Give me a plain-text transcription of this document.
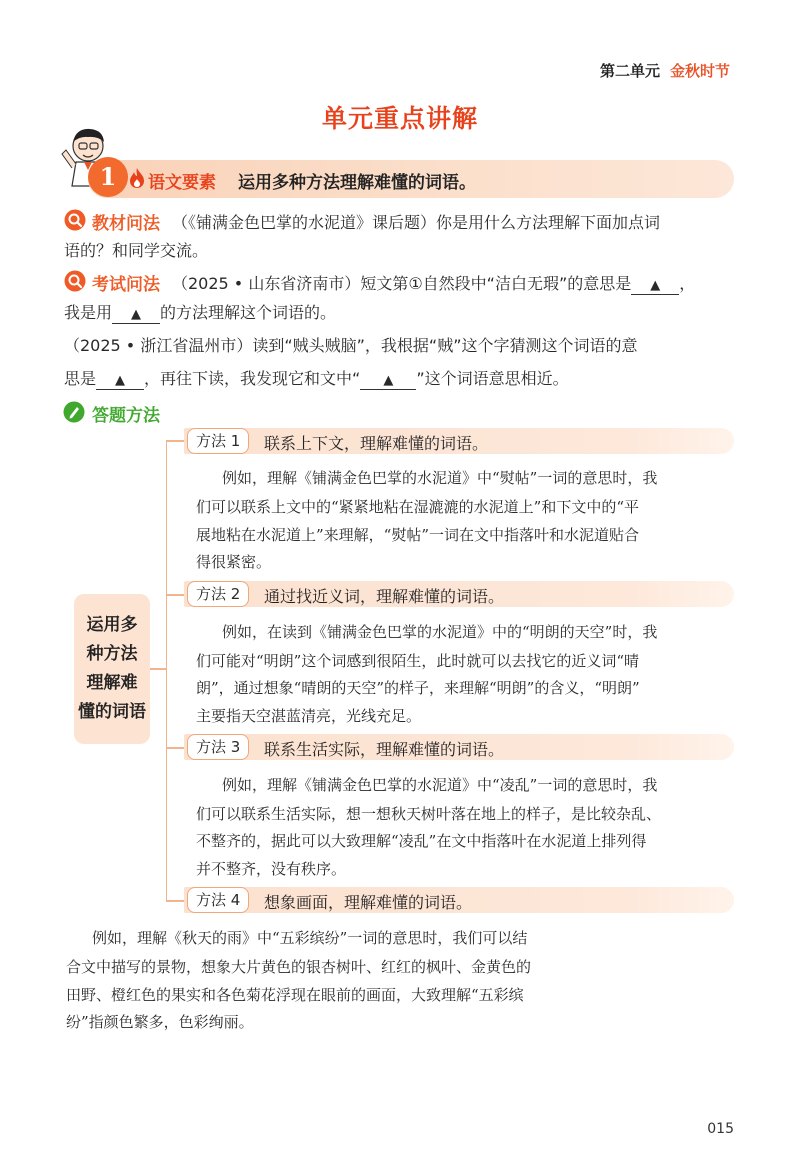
第二单元 金秋时节
单元重点讲解
1	语文要素 运用多种方法理解难懂的词语。
教材问法 （《铺满金色巴掌的水泥道》课后题）你是用什么方法理解下面加点词
语的？和同学交流。
考试问法 （2025 • 山东省济南市）短文第①自然段中“洁白无瑕”的意思是 ▲ ，
我是用 ▲ 的方法理解这个词语的。
（2025 • 浙江省温州市）读到“贼头贼脑”，我根据“贼”这个字猜测这个词语的意
思是 ▲ ，再往下读，我发现它和文中“ ▲ ”这个词语意思相近。
答题方法
运用多
种方法
理解难
懂的词语
方法 1	联系上下文，理解难懂的词语。
例如，理解《铺满金色巴掌的水泥道》中“熨帖”一词的意思时，我
们可以联系上文中的“紧紧地粘在湿漉漉的水泥道上”和下文中的“平
展地粘在水泥道上”来理解，“熨帖”一词在文中指落叶和水泥道贴合
得很紧密。
方法 2	通过找近义词，理解难懂的词语。
例如，在读到《铺满金色巴掌的水泥道》中的“明朗的天空”时，我
们可能对“明朗”这个词感到很陌生，此时就可以去找它的近义词“晴
朗”，通过想象“晴朗的天空”的样子，来理解“明朗”的含义，“明朗”
主要指天空湛蓝清亮，光线充足。
方法 3	联系生活实际，理解难懂的词语。
例如，理解《铺满金色巴掌的水泥道》中“凌乱”一词的意思时，我
们可以联系生活实际，想一想秋天树叶落在地上的样子，是比较杂乱、
不整齐的，据此可以大致理解“凌乱”在文中指落叶在水泥道上排列得
并不整齐，没有秩序。
方法 4	想象画面，理解难懂的词语。
例如，理解《秋天的雨》中“五彩缤纷”一词的意思时，我们可以结
合文中描写的景物，想象大片黄色的银杏树叶、红红的枫叶、金黄色的
田野、橙红色的果实和各色菊花浮现在眼前的画面，大致理解“五彩缤
纷”指颜色繁多，色彩绚丽。
015
